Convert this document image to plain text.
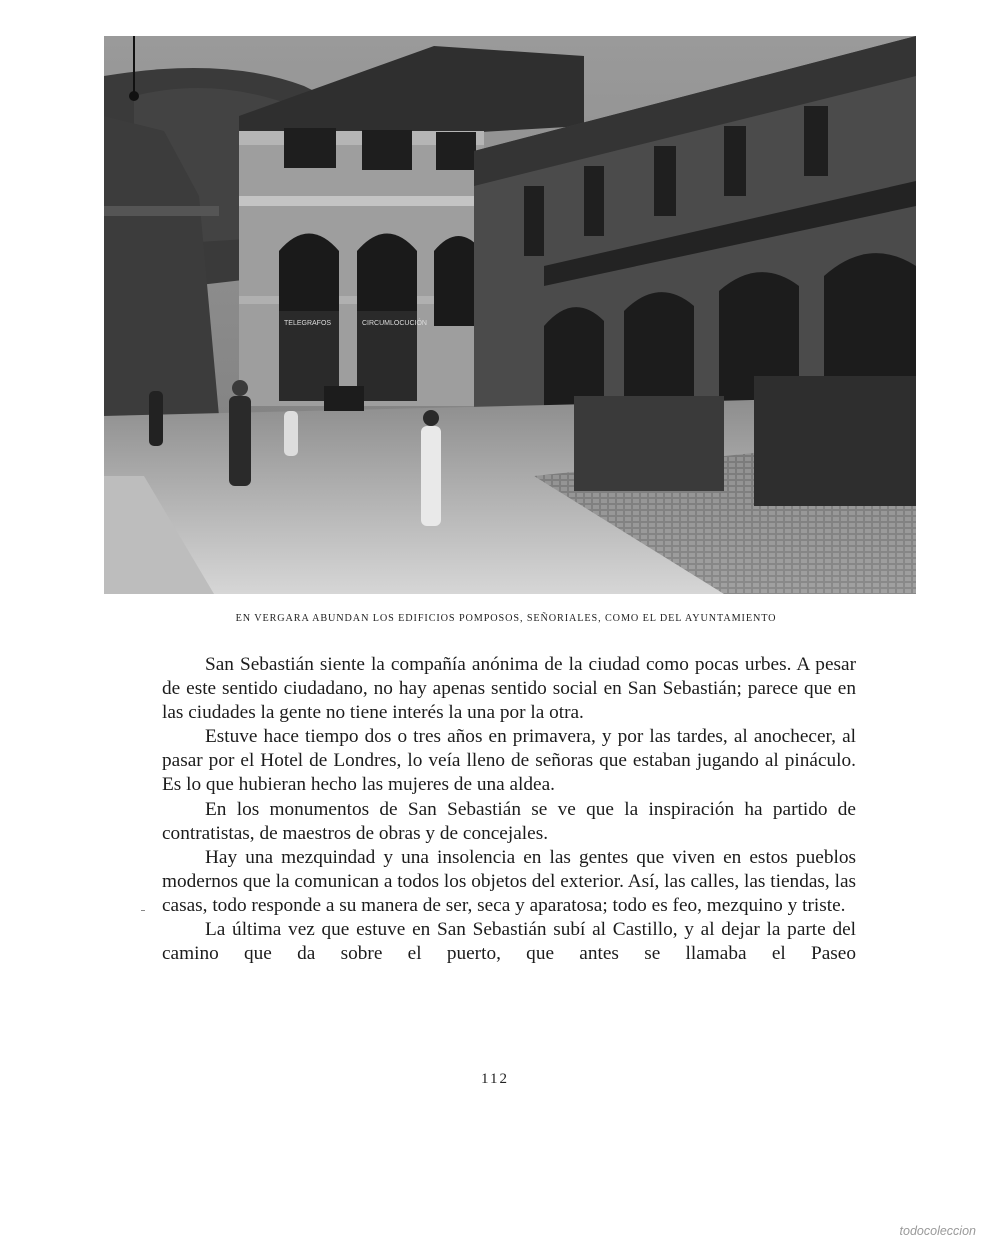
TELEGRAFOS	CIRCUMLOCUCIÓN
EN VERGARA ABUNDAN LOS EDIFICIOS POMPOSOS, SEÑORIALES, COMO EL DEL AYUNTAMIENTO

San Sebastián siente la compañía anónima de la ciudad como pocas urbes. A pesar de este sentido ciudadano, no hay apenas sentido social en San Sebastián; parece que en las ciudades la gente no tiene interés la una por la otra.

Estuve hace tiempo dos o tres años en primavera, y por las tardes, al anochecer, al pasar por el Hotel de Londres, lo veía lleno de señoras que estaban jugando al pináculo. Es lo que hubieran hecho las mujeres de una aldea.

En los monumentos de San Sebastián se ve que la inspiración ha partido de contratistas, de maestros de obras y de concejales.

Hay una mezquindad y una insolencia en las gentes que viven en estos pueblos modernos que la comunican a todos los objetos del exterior. Así, las calles, las tiendas, las casas, todo responde a su manera de ser, seca y aparatosa; todo es feo, mezquino y triste.

La última vez que estuve en San Sebastián subí al Castillo, y al dejar la parte del camino que da sobre el puerto, que antes se llamaba el Paseo

112
todocoleccion
